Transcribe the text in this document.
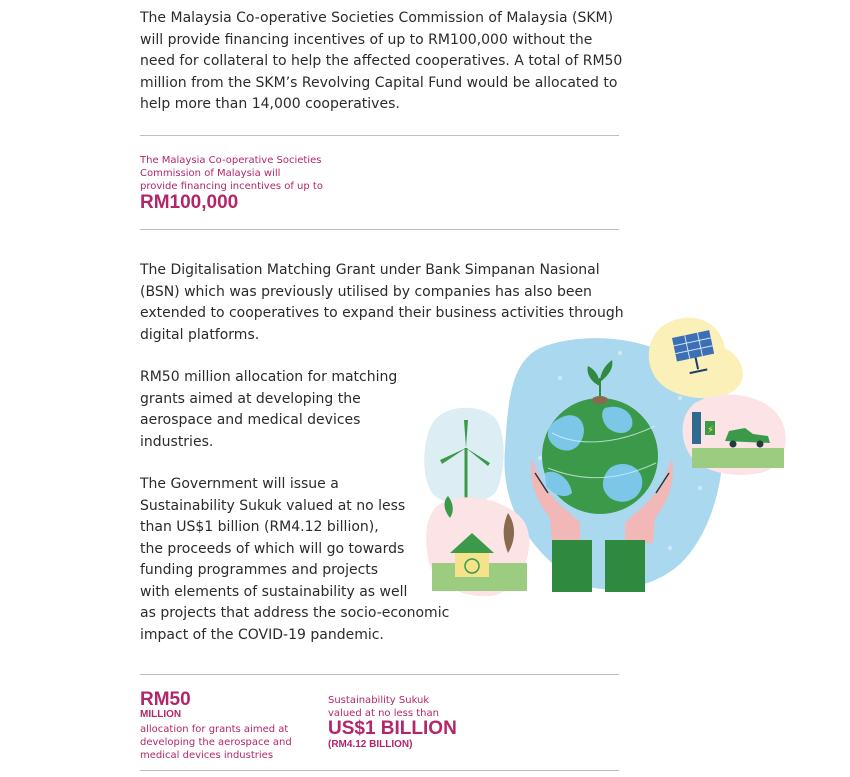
The Malaysia Co-operative Societies Commission of Malaysia (SKM)
will provide financing incentives of up to RM100,000 without the
need for collateral to help the affected cooperatives. A total of RM50
million from the SKM’s Revolving Capital Fund would be allocated to
help more than 14,000 cooperatives.
The Malaysia Co-operative Societies
Commission of Malaysia will
provide financing incentives of up to
RM100,000
The Digitalisation Matching Grant under Bank Simpanan Nasional
(BSN) which was previously utilised by companies has also been
extended to cooperatives to expand their business activities through
digital platforms.
RM50 million allocation for matching
grants aimed at developing the
aerospace and medical devices
industries.
The Government will issue a
Sustainability Sukuk valued at no less
than US$1 billion (RM4.12 billion),
the proceeds of which will go towards
funding programmes and projects
with elements of sustainability as well
as projects that address the socio-economic
impact of the COVID-19 pandemic.
⚡
RM50
MILLION
allocation for grants aimed at
developing the aerospace and
medical devices industries
Sustainability Sukuk
valued at no less than
US$1 BILLION
(RM4.12 BILLION)
